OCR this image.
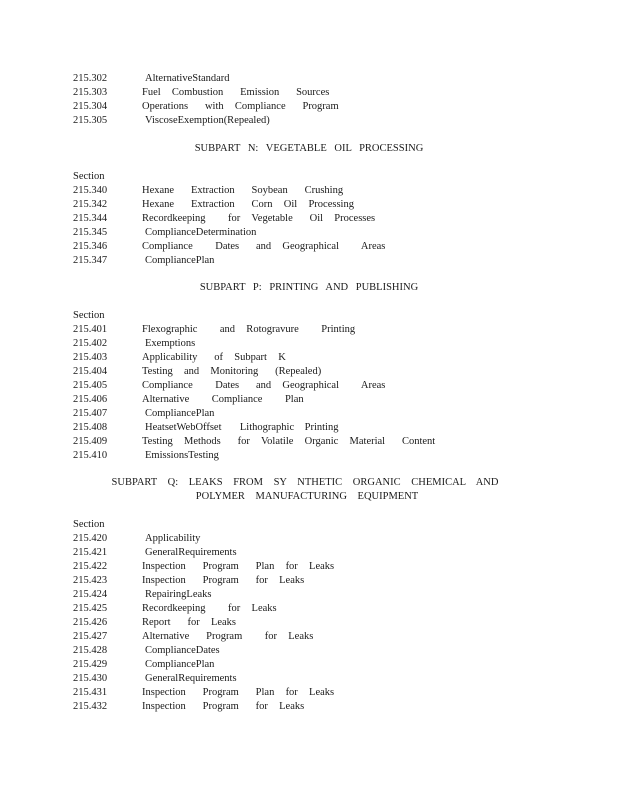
215.302	AlternativeStandard
215.303	Fuel  Combustion   Emission   Sources
215.304	Operations   with  Compliance   Program
215.305	ViscoseExemption(Repealed)
SUBPART N: VEGETABLE OIL PROCESSING
Section
215.340	Hexane   Extraction   Soybean   Crushing
215.342	Hexane   Extraction   Corn  Oil  Processing
215.344	Recordkeeping    for  Vegetable   Oil  Processes
215.345	ComplianceDetermination
215.346	Compliance    Dates   and  Geographical    Areas
215.347	CompliancePlan
SUBPART P: PRINTING AND PUBLISHING
Section
215.401	Flexographic    and  Rotogravure    Printing
215.402	Exemptions
215.403	Applicability   of  Subpart  K
215.404	Testing  and  Monitoring   (Repealed)
215.405	Compliance    Dates   and  Geographical    Areas
215.406	Alternative    Compliance    Plan
215.407	CompliancePlan
215.408	HeatsetWebOffset       Lithographic    Printing
215.409	Testing  Methods   for  Volatile  Organic  Material   Content
215.410	EmissionsTesting
SUBPART Q: LEAKS FROM SY NTHETIC ORGANIC CHEMICAL AND
POLYMER MANUFACTURING EQUIPMENT
Section
215.420	Applicability
215.421	GeneralRequirements
215.422	Inspection   Program   Plan  for  Leaks
215.423	Inspection   Program   for  Leaks
215.424	RepairingLeaks
215.425	Recordkeeping    for  Leaks
215.426	Report   for  Leaks
215.427	Alternative   Program    for  Leaks
215.428	ComplianceDates
215.429	CompliancePlan
215.430	GeneralRequirements
215.431	Inspection   Program   Plan  for  Leaks
215.432	Inspection   Program   for  Leaks
